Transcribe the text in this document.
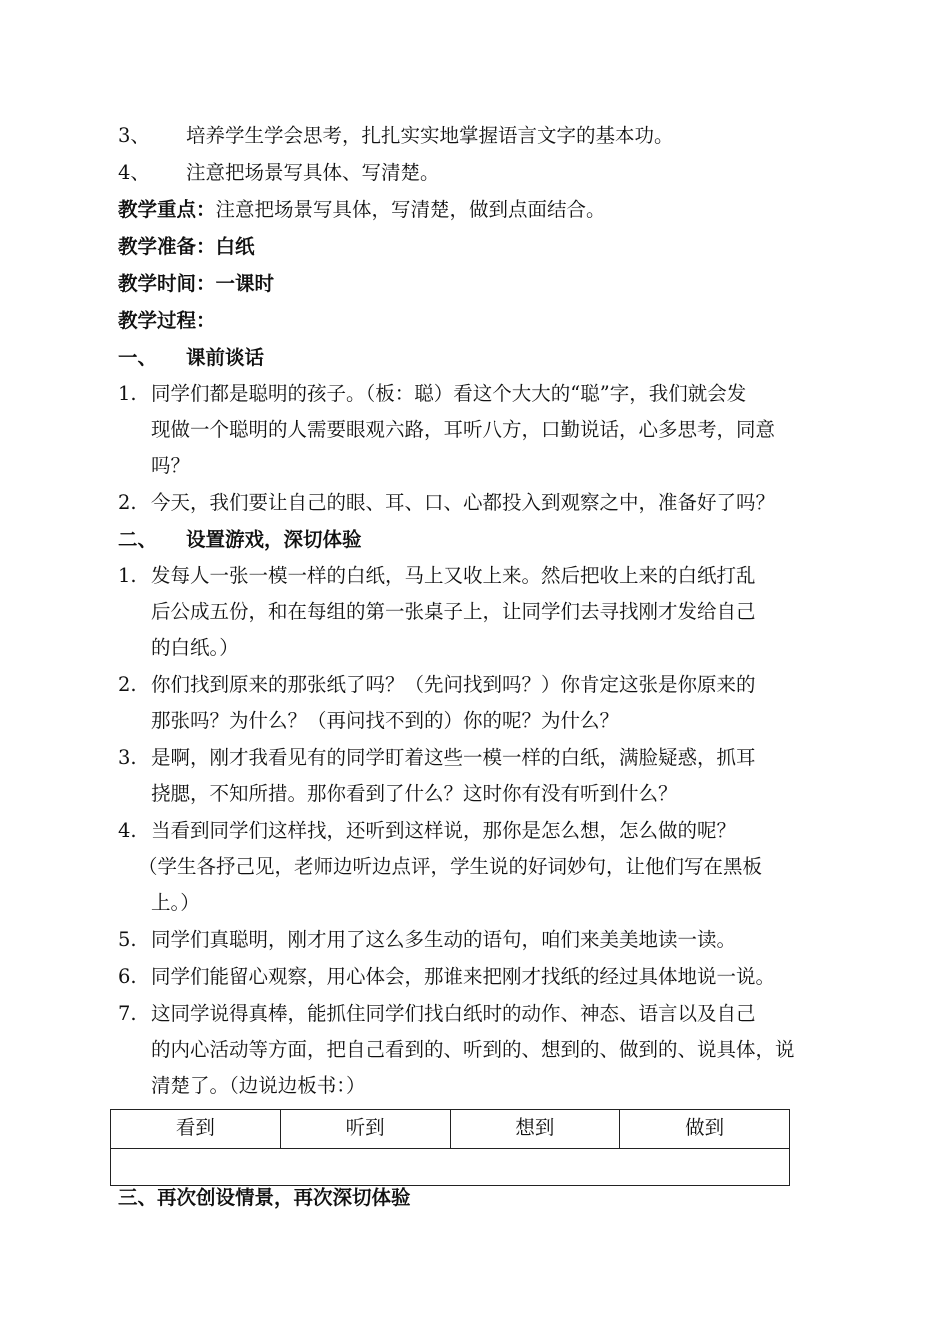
3、 培养学生学会思考，扎扎实实地掌握语言文字的基本功。
4、 注意把场景写具体、写清楚。
教学重点：注意把场景写具体，写清楚，做到点面结合。
教学准备：白纸
教学时间：一课时
教学过程：
一、 课前谈话
1. 同学们都是聪明的孩子。（板：聪）看这个大大的“聪”字，我们就会发
现做一个聪明的人需要眼观六路，耳听八方，口勤说话，心多思考，同意
吗？
2. 今天，我们要让自己的眼、耳、口、心都投入到观察之中，准备好了吗？
二、 设置游戏，深切体验
1. 发每人一张一模一样的白纸，马上又收上来。然后把收上来的白纸打乱
后公成五份，和在每组的第一张桌子上，让同学们去寻找刚才发给自己
的白纸。）
2. 你们找到原来的那张纸了吗？（先问找到吗？）你肯定这张是你原来的
那张吗？为什么？（再问找不到的）你的呢？为什么？
3. 是啊，刚才我看见有的同学盯着这些一模一样的白纸，满脸疑惑，抓耳
挠腮，不知所措。那你看到了什么？这时你有没有听到什么？
4. 当看到同学们这样找，还听到这样说，那你是怎么想，怎么做的呢？
（学生各抒己见，老师边听边点评，学生说的好词妙句，让他们写在黑板
上。）
5. 同学们真聪明，刚才用了这么多生动的语句，咱们来美美地读一读。
6. 同学们能留心观察，用心体会，那谁来把刚才找纸的经过具体地说一说。
7. 这同学说得真棒，能抓住同学们找白纸时的动作、神态、语言以及自己
的内心活动等方面，把自己看到的、听到的、想到的、做到的、说具体，说
清楚了。（边说边板书：）
看到	听到	想到	做到

三、再次创设情景，再次深切体验
